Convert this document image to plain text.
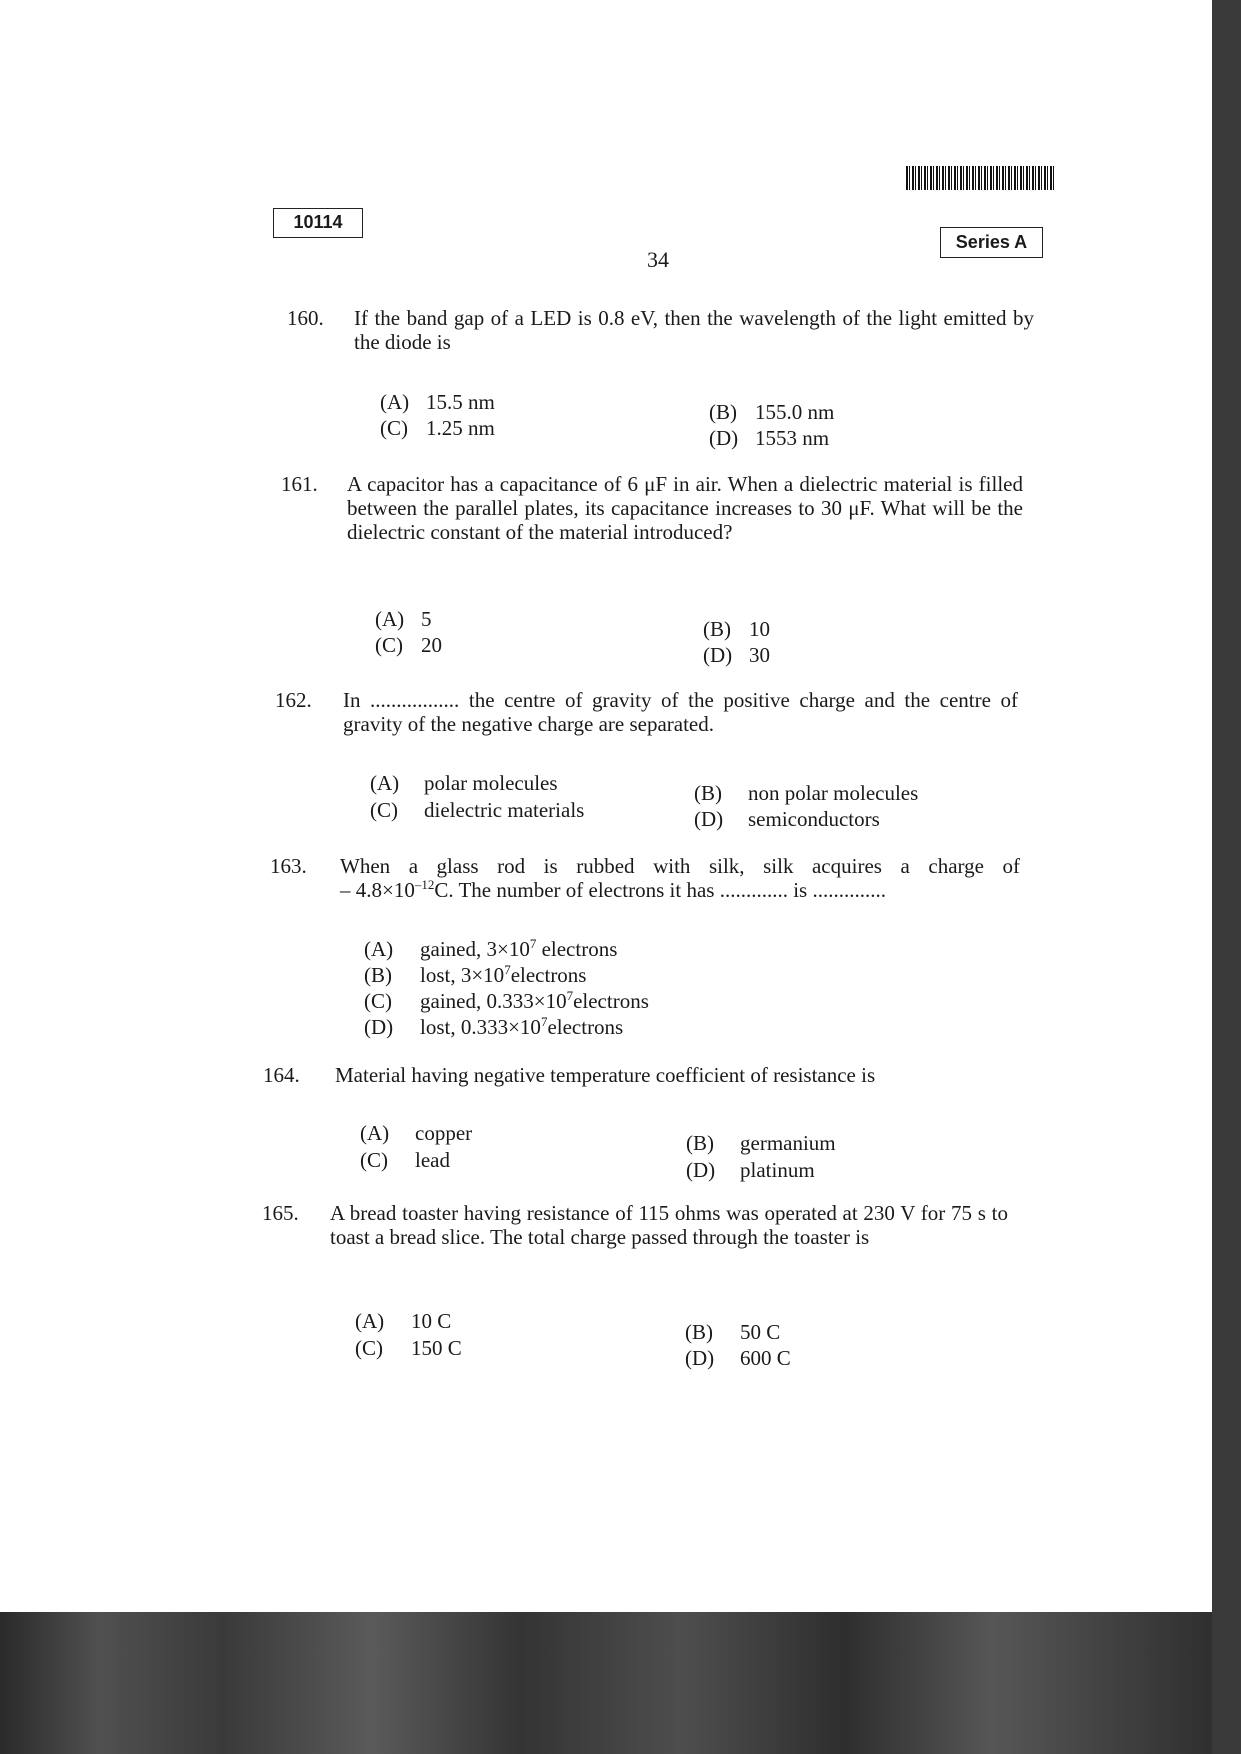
10114
Series A
34
160. If the band gap of a LED is 0.8 eV, then the wavelength of the light emitted by the diode is
(A) 15.5 nm
(C) 1.25 nm
(B) 155.0 nm
(D) 1553 nm
161. A capacitor has a capacitance of 6 μF in air. When a dielectric material is filled between the parallel plates, its capacitance increases to 30 μF. What will be the dielectric constant of the material introduced?
(A) 5
(C) 20
(B) 10
(D) 30
162. In ................. the centre of gravity of the positive charge and the centre of gravity of the negative charge are separated.
(A) polar molecules
(C) dielectric materials
(B) non polar molecules
(D) semiconductors
163. When a glass rod is rubbed with silk, silk acquires a charge of
– $4.8\times 10^{-12}C$. The number of electrons it has ............. is ..............
(A) gained, $3\times 10^7$ electrons
(B) lost, $3\times 10^7electrons$
(C) gained, $0.333\times 10^7electrons$
(D) lost, $0.333\times 10^7electrons$
164. Material having negative temperature coefficient of resistance is
(A) copper
(C) lead
(B) germanium
(D) platinum
165. A bread toaster having resistance of 115 ohms was operated at 230 V for 75 s to toast a bread slice. The total charge passed through the toaster is
(A) 10 C
(C) 150 C
(B) 50 C
(D) 600 C
